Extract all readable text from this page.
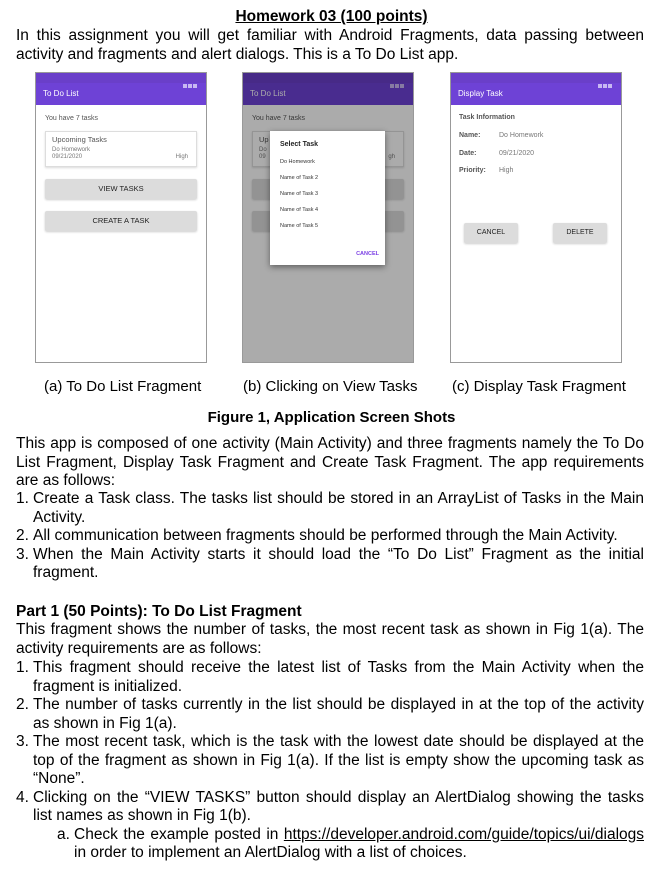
Homework 03 (100 points)
In this assignment you will get familiar with Android Fragments, data passing between activity and fragments and alert dialogs. This is a To Do List app.
To Do List
You have 7 tasks
Upcoming Tasks
Do Homework
09/21/2020	High
VIEW TASKS
CREATE A TASK
To Do List
You have 7 tasks
Up
Do
09	gh
Select Task
Do Homework
Name of Task 2
Name of Task 3
Name of Task 4
Name of Task 5
CANCEL
Display Task
Task Information
Name:	Do Homework
Date:	09/21/2020
Priority: High
CANCEL	DELETE
(a) To Do List Fragment	(b) Clicking on View Tasks (c) Display Task Fragment
Figure 1, Application Screen Shots
This app is composed of one activity (Main Activity) and three fragments namely the To Do List Fragment, Display Task Fragment and Create Task Fragment. The app requirements are as follows:
1. Create a Task class. The tasks list should be stored in an ArrayList of Tasks in the Main Activity.
2. All communication between fragments should be performed through the Main Activity.
3. When the Main Activity starts it should load the “To Do List” Fragment as the initial fragment.
Part 1 (50 Points): To Do List Fragment
This fragment shows the number of tasks, the most recent task as shown in Fig 1(a). The activity requirements are as follows:
1. This fragment should receive the latest list of Tasks from the Main Activity when the fragment is initialized.
2. The number of tasks currently in the list should be displayed in at the top of the activity as shown in Fig 1(a).
3. The most recent task, which is the task with the lowest date should be displayed at the top of the fragment as shown in Fig 1(a). If the list is empty show the upcoming task as “None”.
4. Clicking on the “VIEW TASKS” button should display an AlertDialog showing the tasks list names as shown in Fig 1(b).
a. Check the example posted in https://developer.android.com/guide/topics/ui/dialogs in order to implement an AlertDialog with a list of choices.
